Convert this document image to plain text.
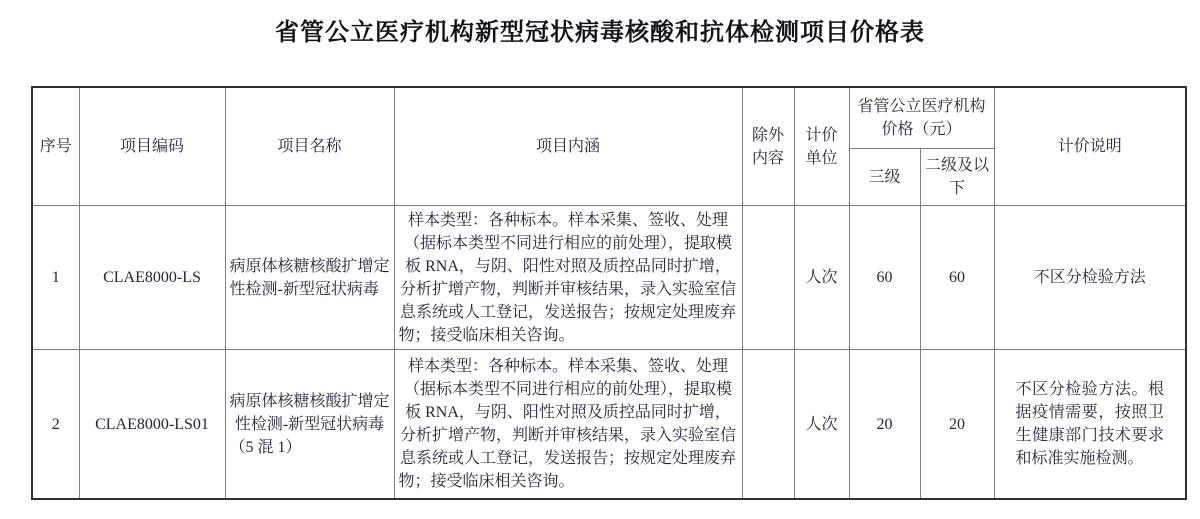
省管公立医疗机构新型冠状病毒核酸和抗体检测项目价格表
序号	项目编码	项目名称	项目内涵	除外内容	计价单位	省管公立医疗机构价格（元）		计价说明
						三级	二级及以下	
1	CLAE8000-LS	病原体核糖核酸扩增定性检测-新型冠状病毒	样本类型：各种标本。样本采集、签收、处理（据标本类型不同进行相应的前处理），提取模板 RNA，与阴、阳性对照及质控品同时扩增，分析扩增产物，判断并审核结果，录入实验室信息系统或人工登记，发送报告；按规定处理废弃物；接受临床相关咨询。		人次	60	60	不区分检验方法
2	CLAE8000-LS01	病原体核糖核酸扩增定性检测-新型冠状病毒（5 混 1）	样本类型：各种标本。样本采集、签收、处理（据标本类型不同进行相应的前处理），提取模板 RNA，与阴、阳性对照及质控品同时扩增，分析扩增产物，判断并审核结果，录入实验室信息系统或人工登记，发送报告；按规定处理废弃物；接受临床相关咨询。		人次	20	20	不区分检验方法。根据疫情需要，按照卫生健康部门技术要求和标准实施检测。
